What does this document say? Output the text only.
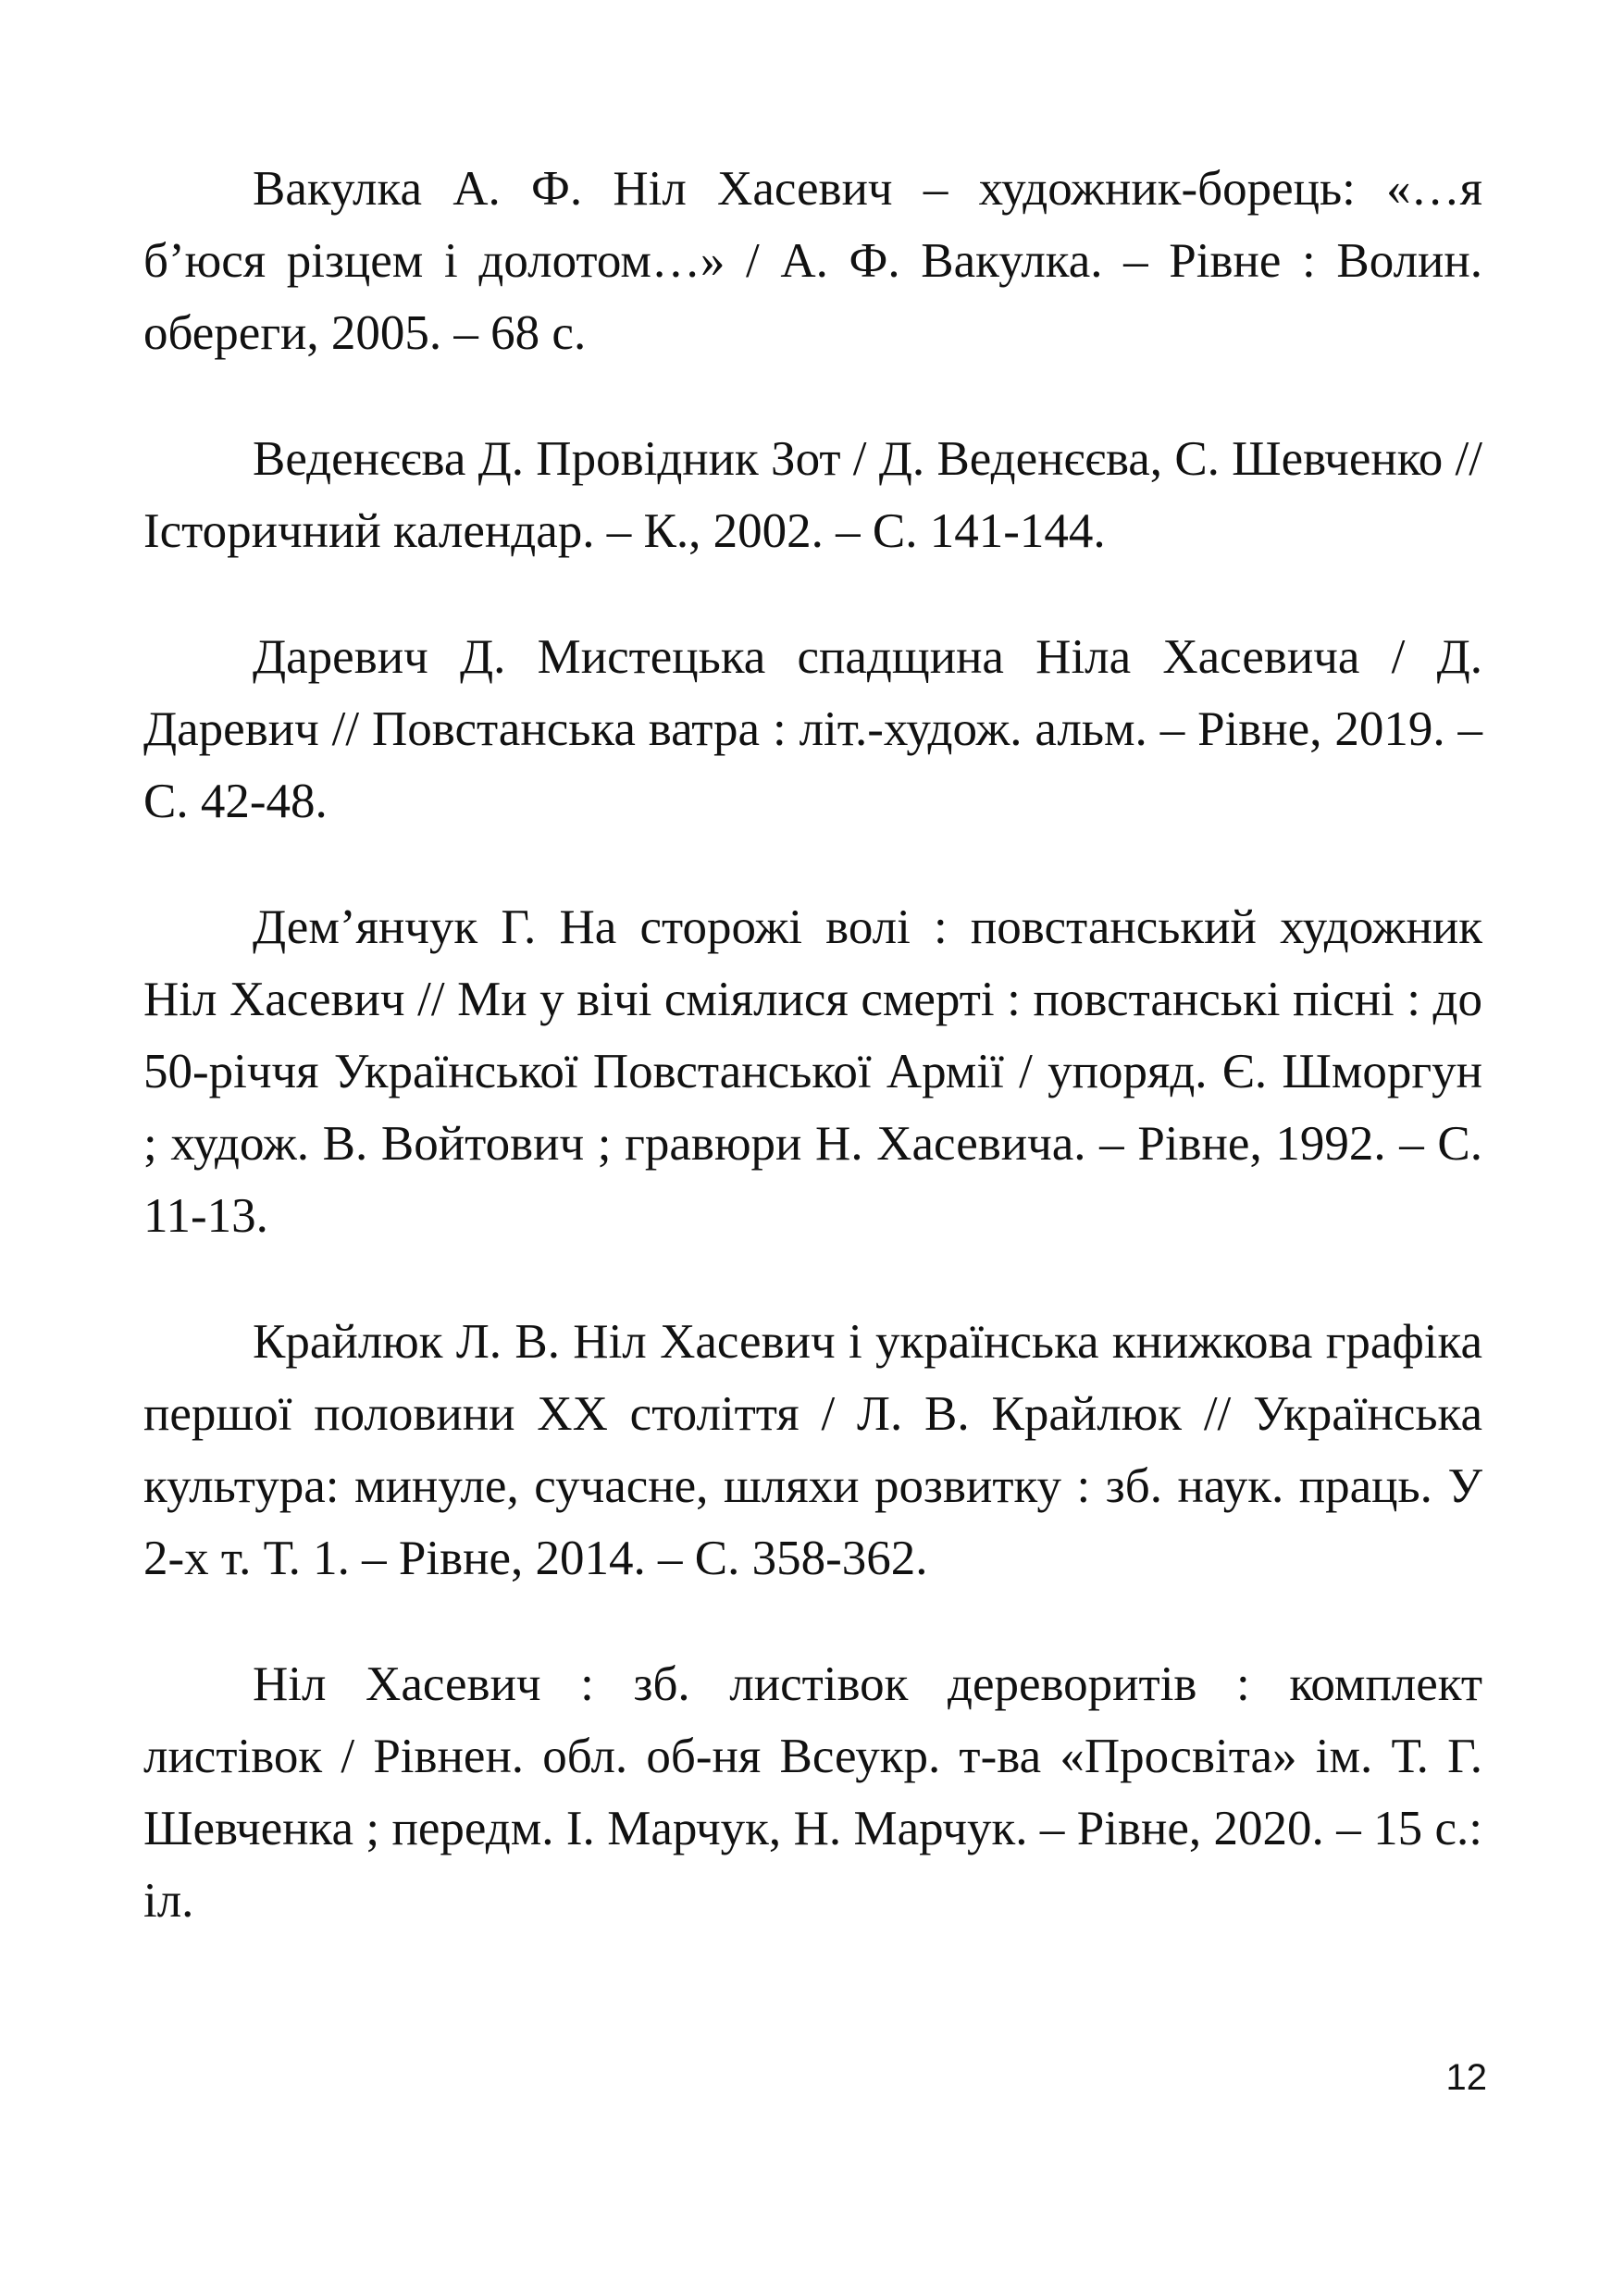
Вакулка А. Ф. Ніл Хасевич – художник-борець: «…я б’юся різцем і долотом…» / А. Ф. Вакулка. – Рівне : Волин. обереги, 2005. – 68 с.

Веденєєва Д. Провідник Зот / Д. Веденєєва, С. Шевченко // Історичний календар. – К., 2002. – С. 141-144.

Даревич Д. Мистецька спадщина Ніла Хасевича / Д. Даревич // Повстанська ватра : літ.-худож. альм. – Рівне, 2019. – С. 42-48.

Дем’янчук Г. На сторожі волі : повстанський художник Ніл Хасевич // Ми у вічі сміялися смерті : повстанські пісні : до 50-річчя Української Повстанської Армії / упоряд. Є. Шморгун ; худож. В. Войтович ; гравюри Н. Хасевича. – Рівне, 1992. – С. 11-13.

Крайлюк Л. В. Ніл Хасевич і українська книжкова графіка першої половини ХХ століття / Л. В. Крайлюк // Українська культура: минуле, сучасне, шляхи розвитку : зб. наук. праць. У 2-х т. Т. 1. – Рівне, 2014. – С. 358-362.

Ніл Хасевич : зб. листівок дереворитів : комплект листівок / Рівнен. обл. об-ня Всеукр. т-ва «Просвіта» ім. Т. Г. Шевченка ; передм. І. Марчук, Н. Марчук. – Рівне, 2020. – 15 с.: іл.

12
